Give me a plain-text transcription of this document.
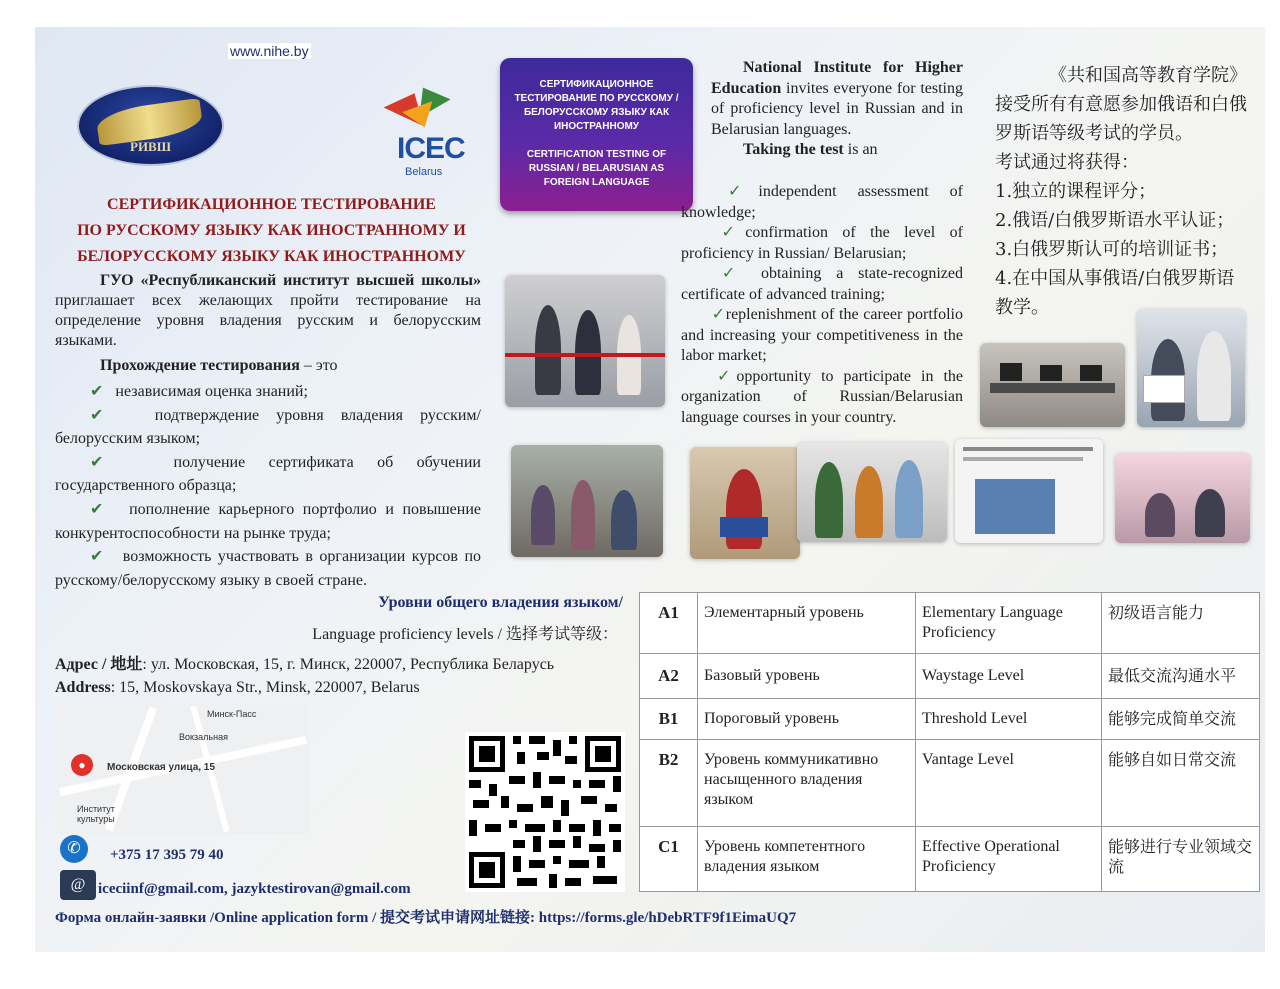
www.nihe.by
РИВШ	ICEC
Belarus
СЕРТИФИКАЦИОННОЕ ТЕСТИРОВАНИЕ ПО РУССКОМУ / БЕЛОРУССКОМУ ЯЗЫКУ КАК ИНОСТРАННОМУ
CERTIFICATION TESTING OF RUSSIAN / BELARUSIAN AS FOREIGN LANGUAGE
СЕРТИФИКАЦИОННОЕ ТЕСТИРОВАНИЕ
ПО РУССКОМУ ЯЗЫКУ КАК ИНОСТРАННОМУ И
БЕЛОРУССКОМУ ЯЗЫКУ КАК ИНОСТРАННОМУ
ГУО «Республиканский институт высшей школы» приглашает всех желающих пройти тестирование на определение уровня владения русским и белорусским языками.
Прохождение тестирования – это

✔ независимая оценка знаний;

✔	подтверждение уровня владения русским/ белорусским языком;

✔	получение сертификата об обучении государственного образца;

✔ пополнение карьерного портфолио и повышение конкурентоспособности на рынке труда;

✔ возможность участвовать в организации курсов по русскому/белорусскому языку в своей стране.

National Institute for Higher Education invites everyone for testing of proficiency level in Russian and in Belarusian languages.
Taking the test is an

✓independent assessment of knowledge;

✓confirmation of the level of proficiency in Russian/ Belarusian;

✓ obtaining a state-recognized certificate of advanced training;

✓replenishment of the career portfolio and increasing your competitiveness in the labor market;

✓opportunity to participate in the organization of Russian/Belarusian language courses in your country.

《共和国高等教育学院》
接受所有有意愿参加俄语和白俄罗斯语等级考试的学员。
考试通过将获得：
1.独立的课程评分；
2.俄语/白俄罗斯语水平认证；
3.白俄罗斯认可的培训证书；
4.在中国从事俄语/白俄罗斯语教学。
Уровни общего владения языком/
Language proficiency levels / 选择考试等级：
A1	Элементарный уровень	Elementary Language Proficiency	初级语言能力
A2	Базовый уровень	Waystage Level	最低交流沟通水平
B1	Пороговый уровень	Threshold Level	能够完成简单交流
B2	Уровень коммуникативно насыщенного владения языком	Vantage Level	能够自如日常交流
C1	Уровень компетентного владения языком	Effective Operational Proficiency	能够进行专业领域交流
Адрес / 地址: ул. Московская, 15, г. Минск, 220007, Республика Беларусь
Address: 15, Moskovskaya Str., Minsk, 220007, Belarus
●	Московская улица, 15
Минск-Пасс
Вокзальная
Институт культуры
✆	+375 17 395 79 40
@ iceciinf@gmail.com, jazyktestirovan@gmail.com
Форма онлайн-заявки /Online application form / 提交考试申请网址链接: https://forms.gle/hDebRTF9f1EimaUQ7
